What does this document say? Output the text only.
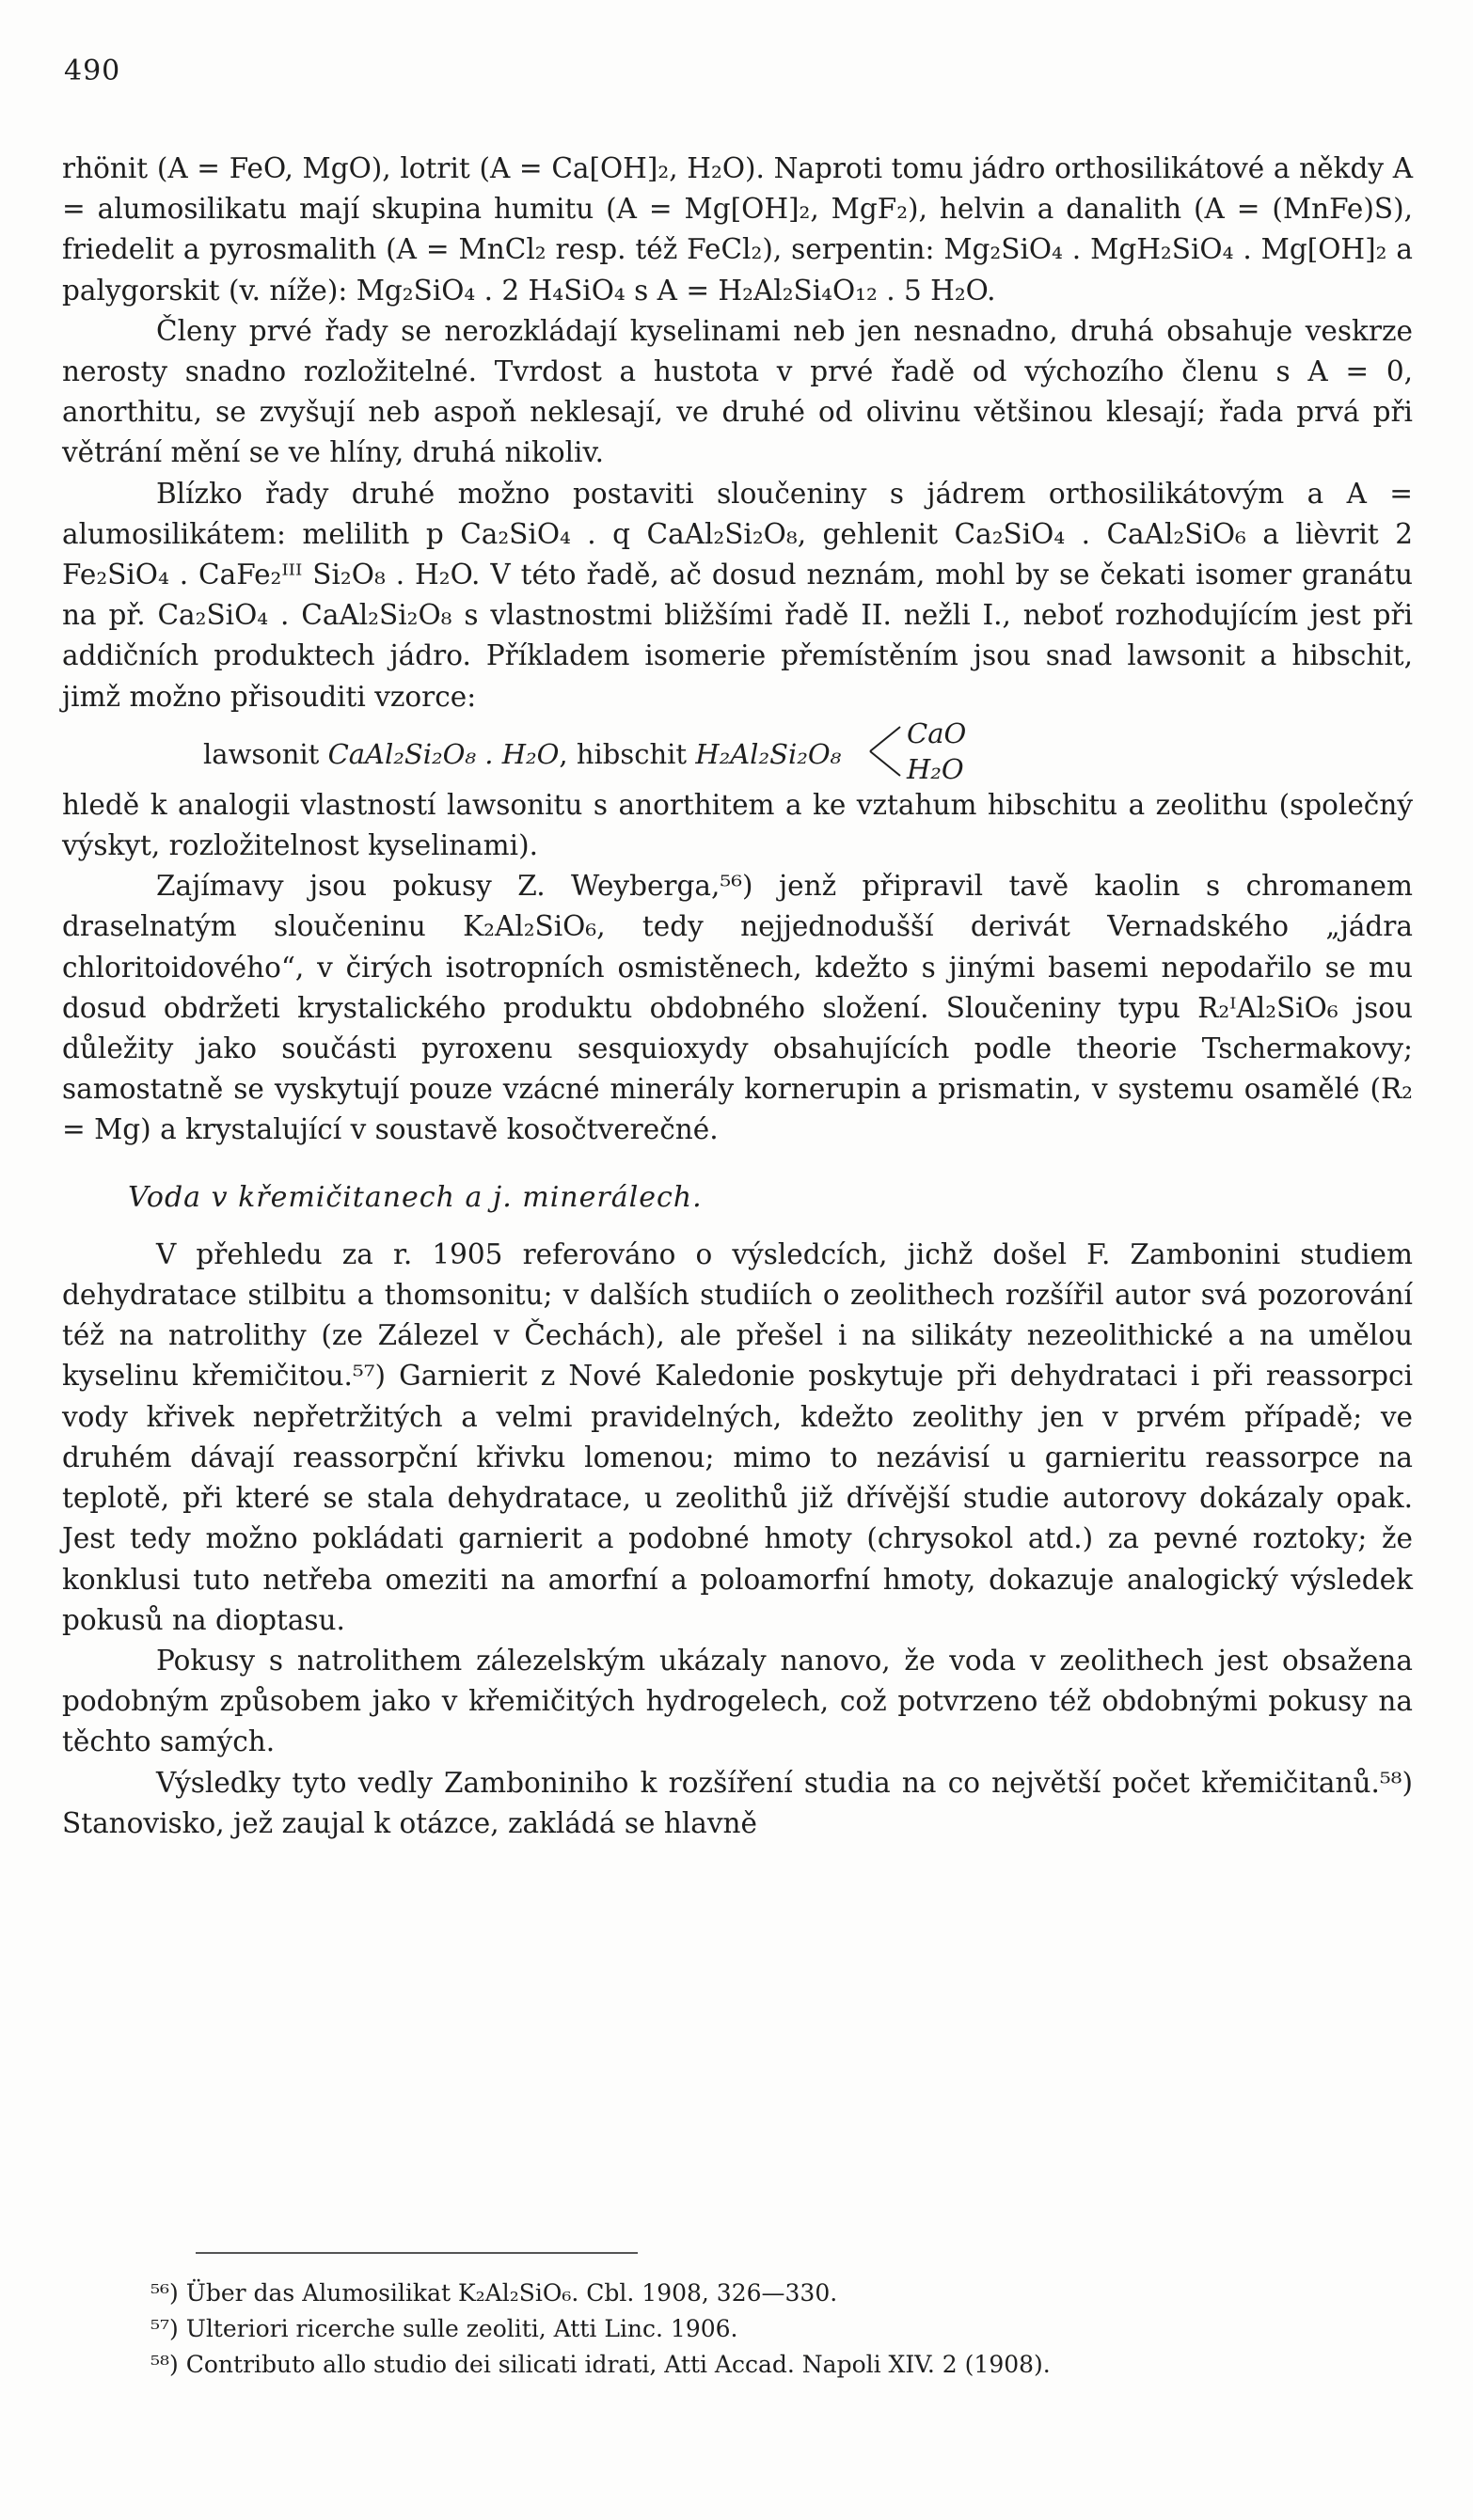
490

rhönit (A = FeO, MgO), lotrit (A = Ca[OH]₂, H₂O). Naproti tomu jádro orthosilikátové a někdy A = alumosilikatu mají skupina humitu (A = Mg[OH]₂, MgF₂), helvin a danalith (A = (MnFe)S), friedelit a pyrosmalith (A = MnCl₂ resp. též FeCl₂), serpentin: Mg₂SiO₄ . MgH₂SiO₄ . Mg[OH]₂ a palygorskit (v. níže): Mg₂SiO₄ . 2 H₄SiO₄ s A = H₂Al₂Si₄O₁₂ . 5 H₂O.

Členy prvé řady se nerozkládají kyselinami neb jen nesnadno, druhá obsahuje veskrze nerosty snadno rozložitelné. Tvrdost a hustota v prvé řadě od výchozího členu s A = 0, anorthitu, se zvyšují neb aspoň neklesají, ve druhé od olivinu většinou klesají; řada prvá při větrání mění se ve hlíny, druhá nikoliv.

Blízko řady druhé možno postaviti sloučeniny s jádrem orthosilikátovým a A = alumosilikátem: melilith p Ca₂SiO₄ . q CaAl₂Si₂O₈, gehlenit Ca₂SiO₄ . CaAl₂SiO₆ a lièvrit 2 Fe₂SiO₄ . CaFe₂ᴵᴵᴵ Si₂O₈ . H₂O. V této řadě, ač dosud neznám, mohl by se čekati isomer granátu na př. Ca₂SiO₄ . CaAl₂Si₂O₈ s vlastnostmi bližšími řadě II. nežli I., neboť rozhodujícím jest při addičních produktech jádro. Příkladem isomerie přemístěním jsou snad lawsonit a hibschit, jimž možno přisouditi vzorce:

lawsonit CaAl₂Si₂O₈ . H₂O, hibschit H₂Al₂Si₂O₈
CaO
H₂O

hledě k analogii vlastností lawsonitu s anorthitem a ke vztahum hibschitu a zeolithu (společný výskyt, rozložitelnost kyselinami).

Zajímavy jsou pokusy Z. Weyberga,⁵⁶) jenž připravil tavě kaolin s chromanem draselnatým sloučeninu K₂Al₂SiO₆, tedy nejjednodušší derivát Vernadského „jádra chloritoidového“, v čirých isotropních osmistěnech, kdežto s jinými basemi nepodařilo se mu dosud obdržeti krystalického produktu obdobného složení. Sloučeniny typu R₂ᴵAl₂SiO₆ jsou důležity jako součásti pyroxenu sesquioxydy obsahujících podle theorie Tschermakovy; samostatně se vyskytují pouze vzácné minerály kornerupin a prismatin, v systemu osamělé (R₂ = Mg) a krystalující v soustavě kosočtverečné.

Voda v křemičitanech a j. minerálech.

V přehledu za r. 1905 referováno o výsledcích, jichž došel F. Zamboninі studiem dehydratace stilbitu a thomsonitu; v dalších studiích o zeolithech rozšířil autor svá pozorování též na natrolithy (ze Zálezel v Čechách), ale přešel i na silikáty nezeolithické a na umělou kyselinu křemičitou.⁵⁷) Garnierit z Nové Kaledonie poskytuje při dehydrataci i při reassorpci vody křivek nepřetržitých a velmi pravidelných, kdežto zeolithy jen v prvém případě; ve druhém dávají reassorpční křivku lomenou; mimo to nezávisí u garnieritu reassorpce na teplotě, při které se stala dehydratace, u zeolithů již dřívější studie autorovy dokázaly opak. Jest tedy možno pokládati garnierit a podobné hmoty (chrysokol atd.) za pevné roztoky; že konklusi tuto netřeba omeziti na amorfní a poloamorfní hmoty, dokazuje analogický výsledek pokusů na dioptasu.

Pokusy s natrolithem zálezelským ukázaly nanovo, že voda v zeolithech jest obsažena podobným způsobem jako v křemičitých hydrogelech, což potvrzeno též obdobnými pokusy na těchto samých.

Výsledky tyto vedly Zamboniniho k rozšíření studia na co největší počet křemičitanů.⁵⁸) Stanovisko, jež zaujal k otázce, zakládá se hlavně

⁵⁶) Über das Alumosilikat K₂Al₂SiO₆. Cbl. 1908, 326—330.
⁵⁷) Ulteriori ricerche sulle zeoliti, Atti Linc. 1906.
⁵⁸) Contributo allo studio dei silicati idrati, Atti Accad. Napoli XIV. 2 (1908).
